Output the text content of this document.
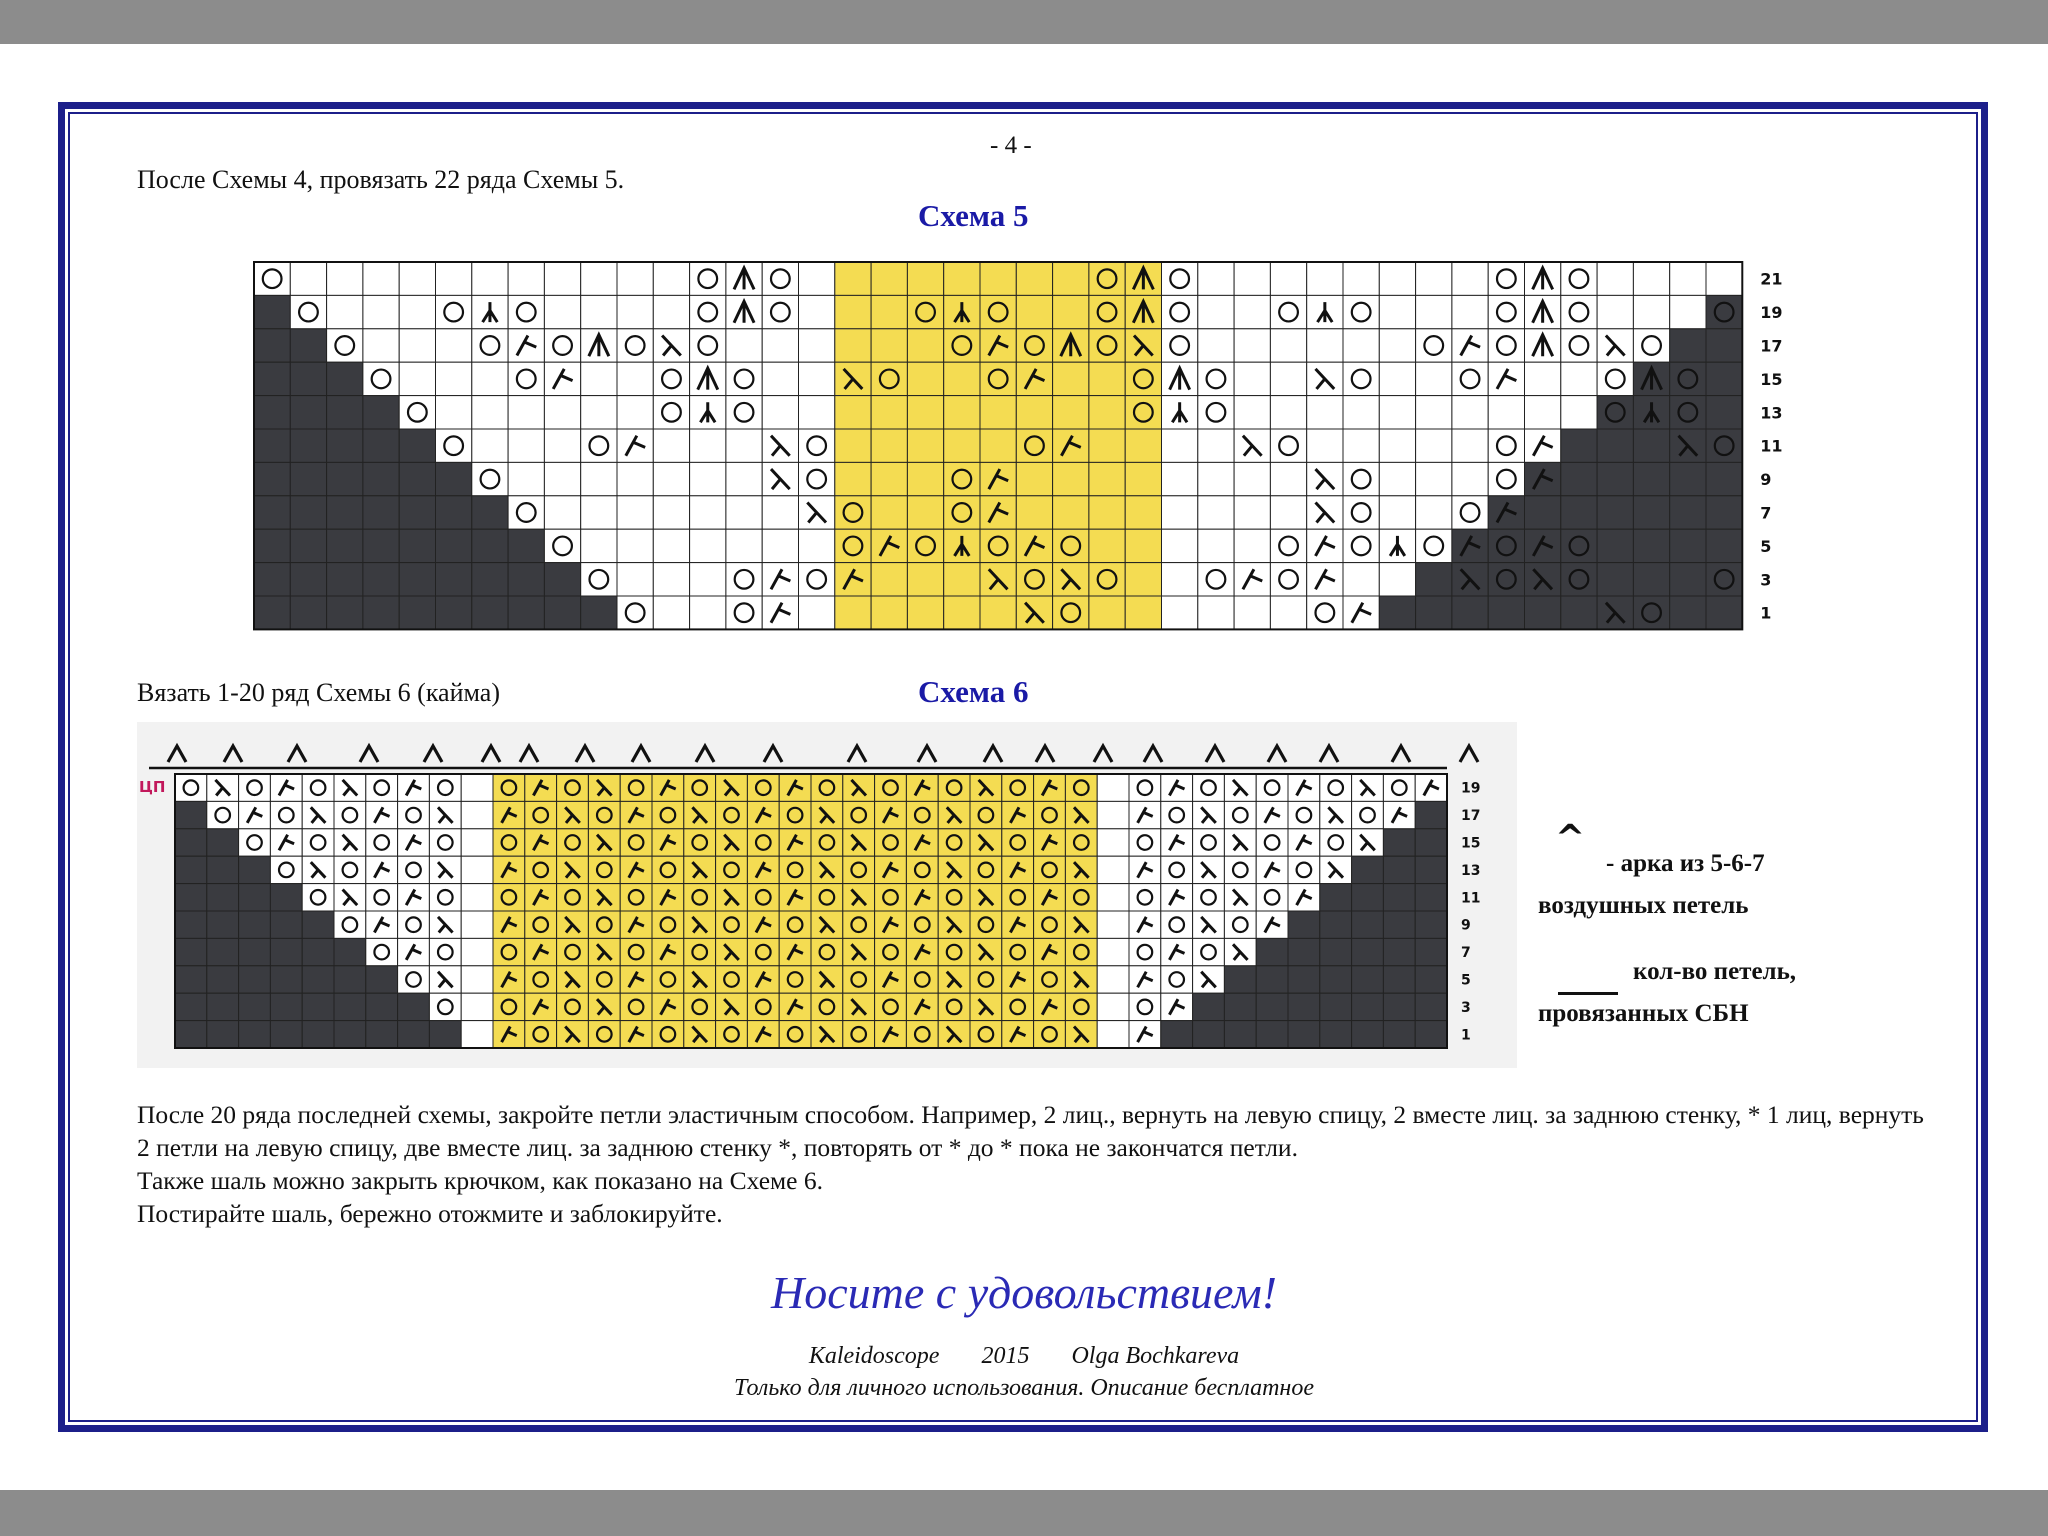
- 4 -
После Схемы 4, провязать 22 ряда Схемы 5.
Схема 5
21
19
17
15
13
11
9
7
5
3
1
Вязать 1-20 ряд Схемы 6 (кайма)	Схема 6
ЦП	19
17
15
13
11
9
7
5
3
1
^
- арка из 5-6-7
воздушных петель
кол-во петель,
провязанных СБН

После 20 ряда последней схемы, закройте петли эластичным способом. Например, 2 лиц., вернуть на левую спицу, 2 вместе лиц. за заднюю стенку, * 1 лиц, вернуть 2 петли на левую спицу, две вместе лиц. за заднюю стенку *, повторять от * до * пока не закончатся петли.

Также шаль можно закрыть крючком, как показано на Схеме 6.

Постирайте шаль, бережно отожмите и заблокируйте.

Носите с удовольствием!
Kaleidoscope 2015 Olga Bochkareva
Только для личного использования. Описание бесплатное
